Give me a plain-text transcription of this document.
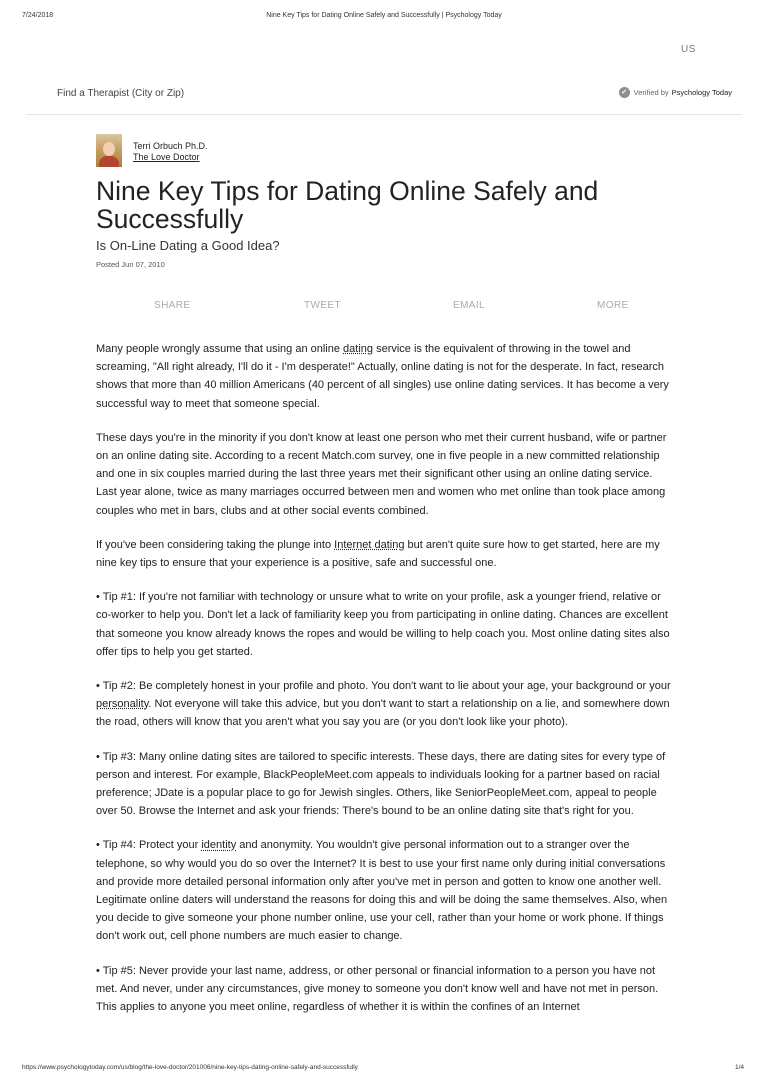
7/24/2018	Nine Key Tips for Dating Online Safely and Successfully | Psychology Today
US
Find a Therapist (City or Zip)	✔ Verified by Psychology Today
Terri Orbuch Ph.D.
The Love Doctor
Nine Key Tips for Dating Online Safely and Successfully
Is On-Line Dating a Good Idea?
Posted Jun 07, 2010
SHARE	TWEET	EMAIL	MORE

Many people wrongly assume that using an online dating service is the equivalent of throwing in the towel and screaming, "All right already, I'll do it - I'm desperate!" Actually, online dating is not for the desperate. In fact, research shows that more than 40 million Americans (40 percent of all singles) use online dating services. It has become a very successful way to meet that someone special.

These days you're in the minority if you don't know at least one person who met their current husband, wife or partner on an online dating site. According to a recent Match.com survey, one in five people in a new committed relationship and one in six couples married during the last three years met their significant other using an online dating service. Last year alone, twice as many marriages occurred between men and women who met online than took place among couples who met in bars, clubs and at other social events combined.

If you've been considering taking the plunge into Internet dating but aren't quite sure how to get started, here are my nine key tips to ensure that your experience is a positive, safe and successful one.

• Tip #1: If you're not familiar with technology or unsure what to write on your profile, ask a younger friend, relative or co-worker to help you. Don't let a lack of familiarity keep you from participating in online dating. Chances are excellent that someone you know already knows the ropes and would be willing to help coach you. Most online dating sites also offer tips to help you get started.

• Tip #2: Be completely honest in your profile and photo. You don't want to lie about your age, your background or your personality. Not everyone will take this advice, but you don't want to start a relationship on a lie, and somewhere down the road, others will know that you aren't what you say you are (or you don't look like your photo).

• Tip #3: Many online dating sites are tailored to specific interests. These days, there are dating sites for every type of person and interest. For example, BlackPeopleMeet.com appeals to individuals looking for a partner based on racial preference; JDate is a popular place to go for Jewish singles. Others, like SeniorPeopleMeet.com, appeal to people over 50. Browse the Internet and ask your friends: There's bound to be an online dating site that's right for you.

• Tip #4: Protect your identity and anonymity. You wouldn't give personal information out to a stranger over the telephone, so why would you do so over the Internet? It is best to use your first name only during initial conversations and provide more detailed personal information only after you've met in person and gotten to know one another well. Legitimate online daters will understand the reasons for doing this and will be doing the same themselves. Also, when you decide to give someone your phone number online, use your cell, rather than your home or work phone. If things don't work out, cell phone numbers are much easier to change.

• Tip #5: Never provide your last name, address, or other personal or financial information to a person you have not met. And never, under any circumstances, give money to someone you don't know well and have not met in person. This applies to anyone you meet online, regardless of whether it is within the confines of an Internet

https://www.psychologytoday.com/us/blog/the-love-doctor/201006/nine-key-tips-dating-online-safely-and-successfully	1/4
